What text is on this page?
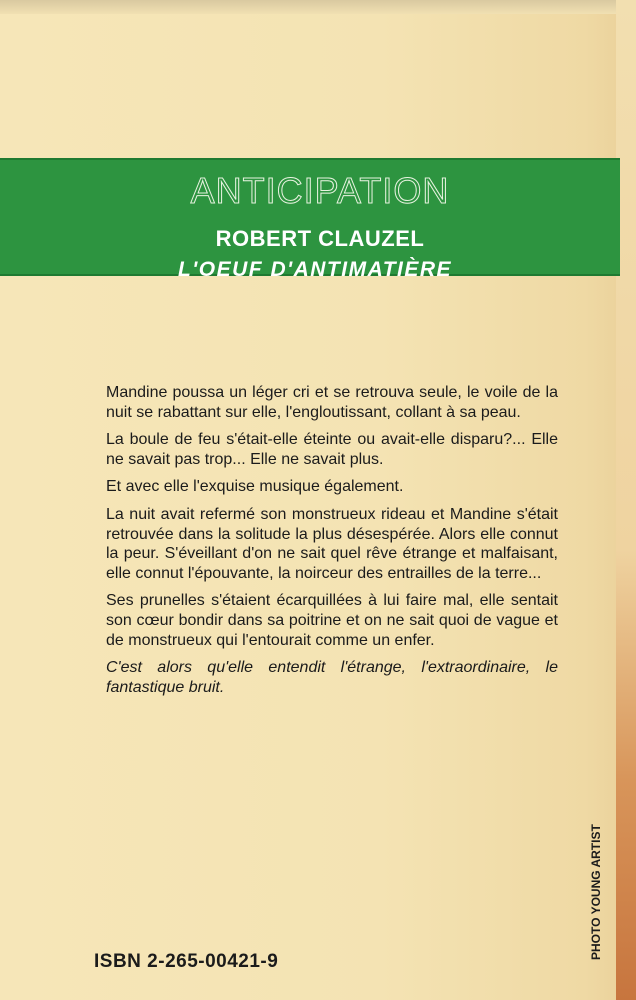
ANTICIPATION
ROBERT CLAUZEL
L'OEUF D'ANTIMATIÈRE

Mandine poussa un léger cri et se retrouva seule, le voile de la nuit se rabattant sur elle, l'engloutissant, collant à sa peau.

La boule de feu s'était-elle éteinte ou avait-elle disparu?... Elle ne savait pas trop... Elle ne savait plus.

Et avec elle l'exquise musique également.

La nuit avait refermé son monstrueux rideau et Mandine s'était retrouvée dans la solitude la plus désespérée. Alors elle connut la peur. S'éveillant d'on ne sait quel rêve étrange et malfaisant, elle connut l'épouvante, la noirceur des entrailles de la terre...

Ses prunelles s'étaient écarquillées à lui faire mal, elle sentait son cœur bondir dans sa poitrine et on ne sait quoi de vague et de monstrueux qui l'entourait comme un enfer.

C'est alors qu'elle entendit l'étrange, l'extraordinaire, le fantastique bruit.

ISBN 2-265-00421-9
PHOTO YOUNG ARTIST
